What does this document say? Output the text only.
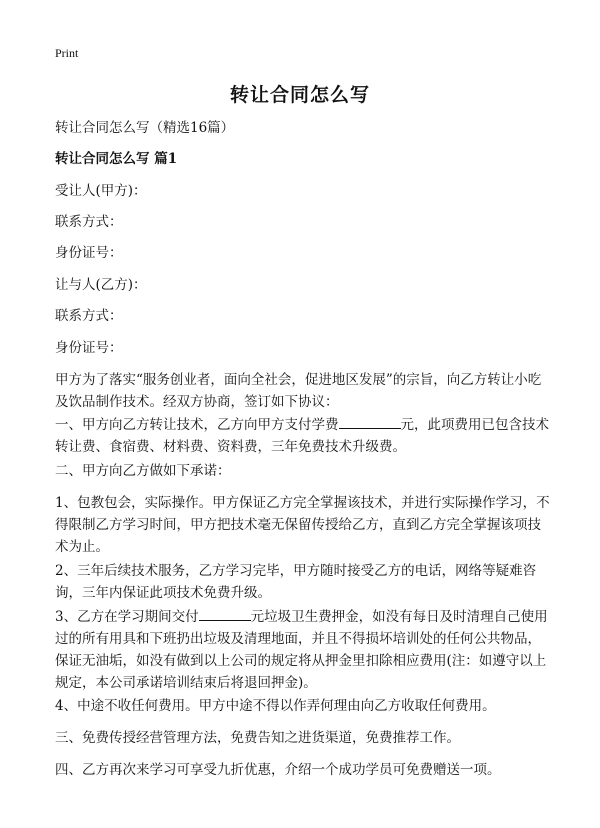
Print
转让合同怎么写
转让合同怎么写（精选16篇）
转让合同怎么写 篇1
受让人(甲方)：
联系方式：
身份证号：
让与人(乙方)：
联系方式：
身份证号：
甲方为了落实“服务创业者，面向全社会，促进地区发展”的宗旨，向乙方转让小吃及饮品制作技术。经双方协商，签订如下协议：
一、甲方向乙方转让技术，乙方向甲方支付学费	元，此项费用已包含技术转让费、食宿费、材料费、资料费，三年免费技术升级费。
二、甲方向乙方做如下承诺：
1、包教包会，实际操作。甲方保证乙方完全掌握该技术，并进行实际操作学习，不得限制乙方学习时间，甲方把技术毫无保留传授给乙方，直到乙方完全掌握该项技术为止。
2、三年后续技术服务，乙方学习完毕，甲方随时接受乙方的电话，网络等疑难咨询，三年内保证此项技术免费升级。
3、乙方在学习期间交付	元垃圾卫生费押金，如没有每日及时清理自己使用过的所有用具和下班扔出垃圾及清理地面，并且不得损坏培训处的任何公共物品，保证无油垢，如没有做到以上公司的规定将从押金里扣除相应费用(注：如遵守以上规定，本公司承诺培训结束后将退回押金)。
4、中途不收任何费用。甲方中途不得以作弄何理由向乙方收取任何费用。
三、免费传授经营管理方法，免费告知之进货渠道，免费推荐工作。
四、乙方再次来学习可享受九折优惠，介绍一个成功学员可免费赠送一项。
